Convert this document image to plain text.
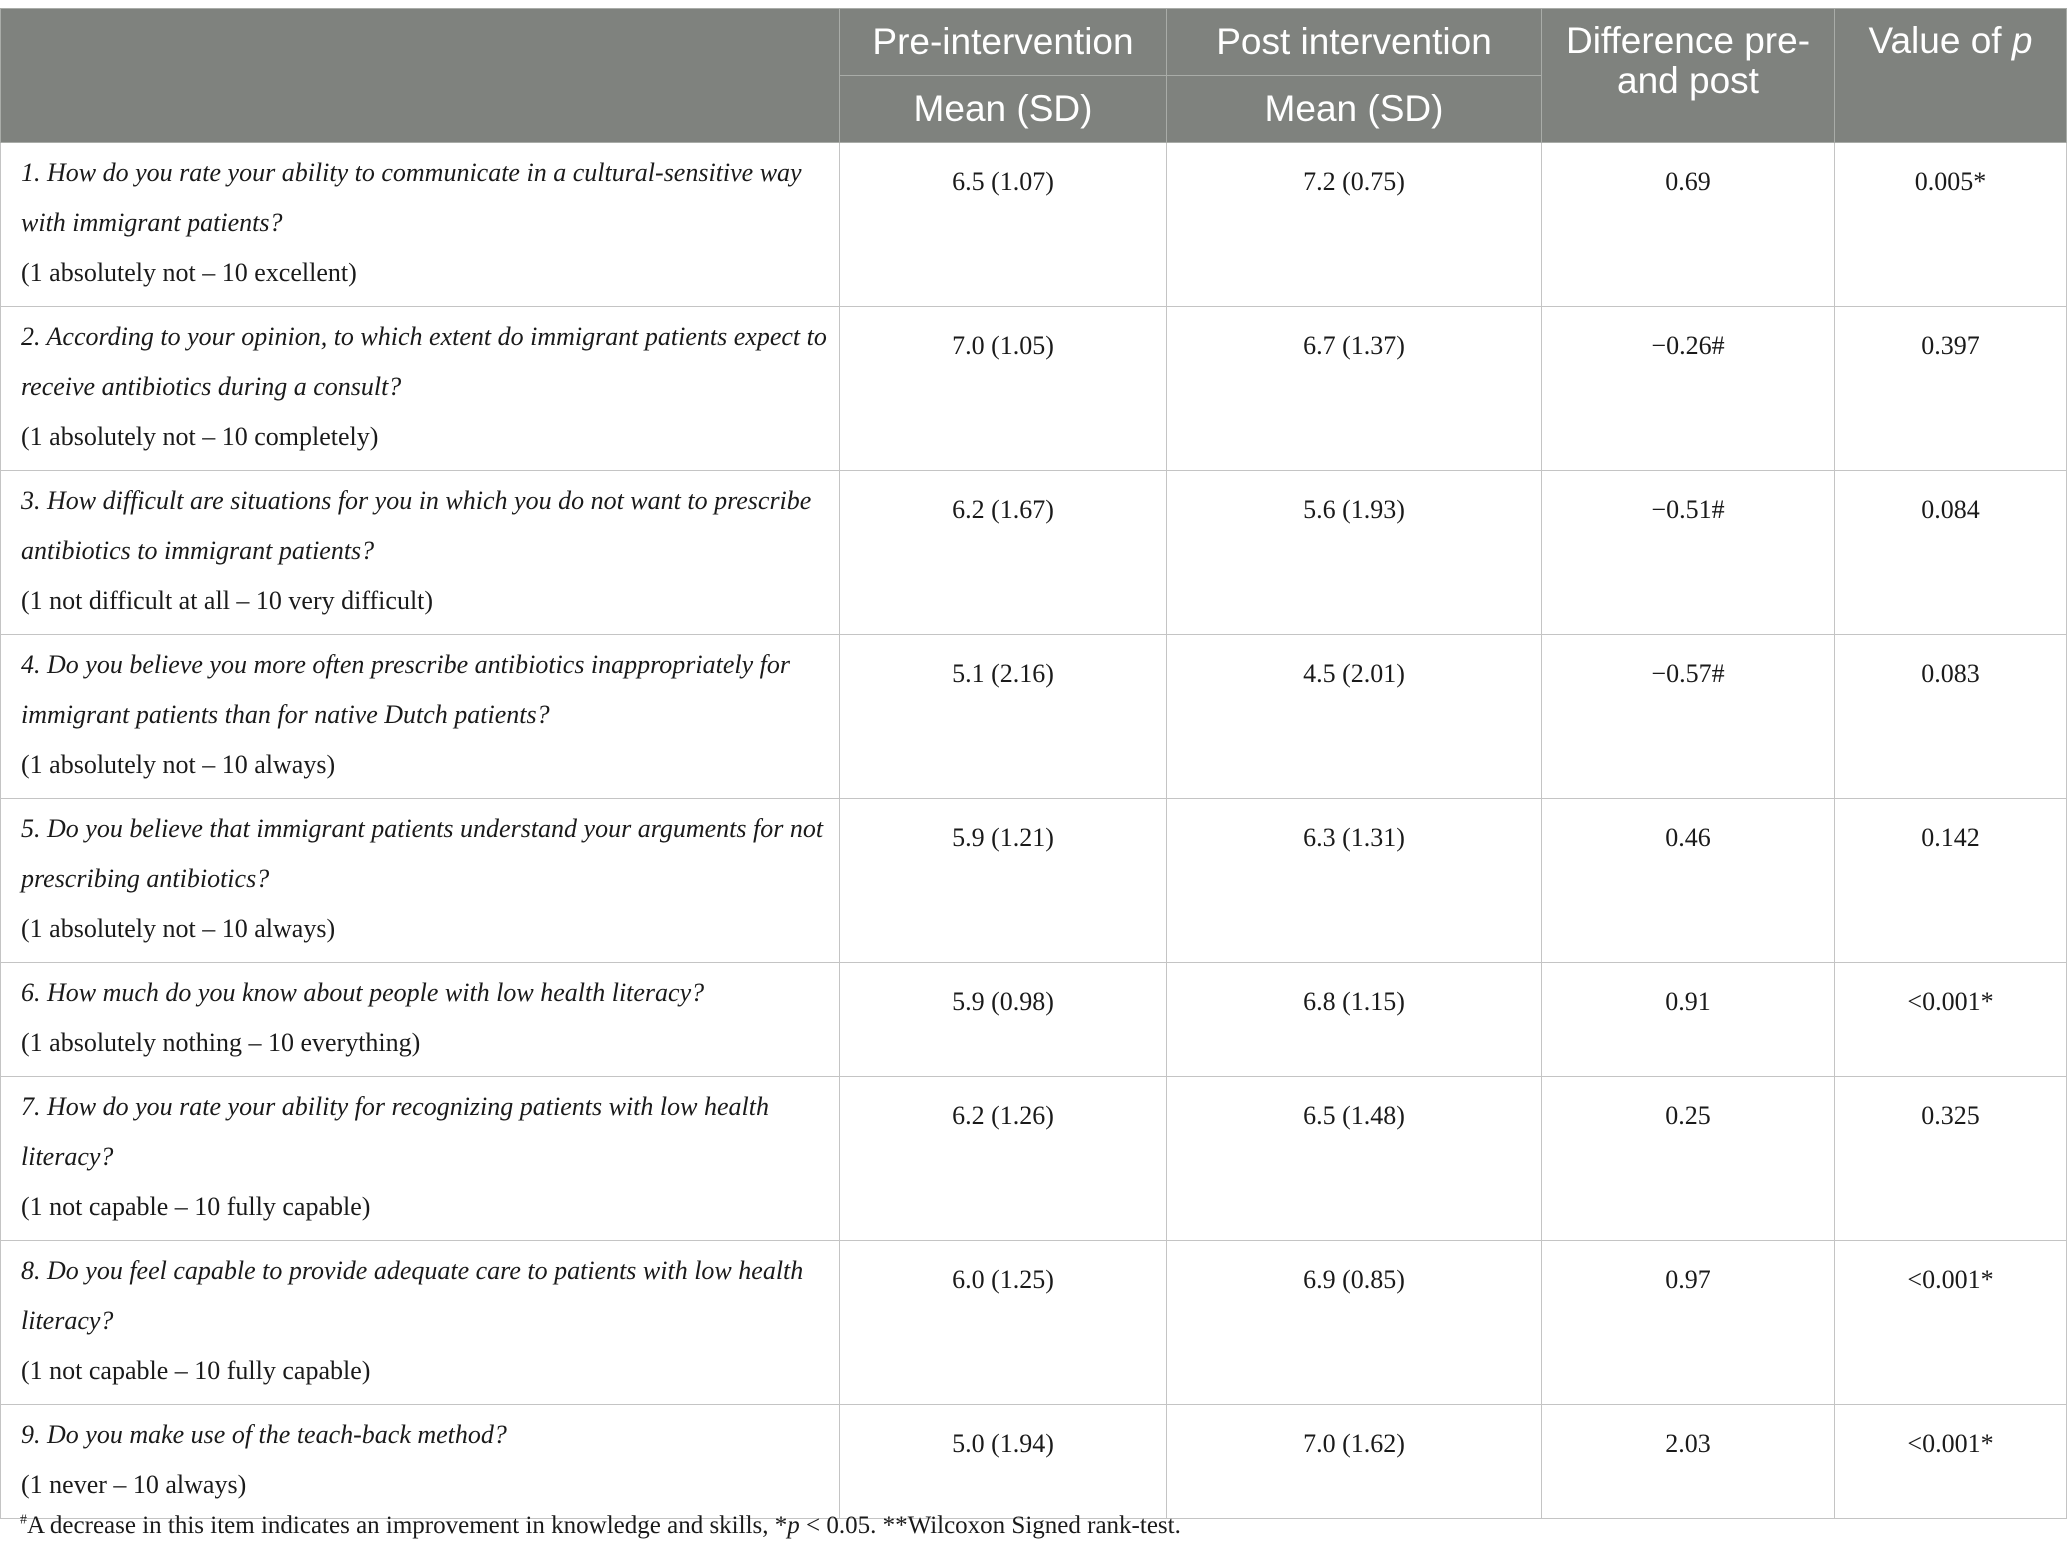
	Pre-intervention	Post intervention	Difference pre- and post	Value of p
	Mean (SD)	Mean (SD)		

1. How do you rate your ability to communicate in a cultural-sensitive way with immigrant patients?
(1 absolutely not – 10 excellent)	6.5 (1.07)	7.2 (0.75)	0.69	0.005*

2. According to your opinion, to which extent do immigrant patients expect to receive antibiotics during a consult?
(1 absolutely not – 10 completely)	7.0 (1.05)	6.7 (1.37)	−0.26#	0.397

3. How difficult are situations for you in which you do not want to prescribe antibiotics to immigrant patients?
(1 not difficult at all – 10 very difficult)	6.2 (1.67)	5.6 (1.93)	−0.51#	0.084

4. Do you believe you more often prescribe antibiotics inappropriately for immigrant patients than for native Dutch patients?
(1 absolutely not – 10 always)	5.1 (2.16)	4.5 (2.01)	−0.57#	0.083

5. Do you believe that immigrant patients understand your arguments for not prescribing antibiotics?
(1 absolutely not – 10 always)	5.9 (1.21)	6.3 (1.31)	0.46	0.142

6. How much do you know about people with low health literacy?
(1 absolutely nothing – 10 everything)	5.9 (0.98)	6.8 (1.15)	0.91	<0.001*

7. How do you rate your ability for recognizing patients with low health literacy?
(1 not capable – 10 fully capable)	6.2 (1.26)	6.5 (1.48)	0.25	0.325

8. Do you feel capable to provide adequate care to patients with low health literacy?
(1 not capable – 10 fully capable)	6.0 (1.25)	6.9 (0.85)	0.97	<0.001*

9. Do you make use of the teach-back method?
(1 never – 10 always)	5.0 (1.94)	7.0 (1.62)	2.03	<0.001*
#A decrease in this item indicates an improvement in knowledge and skills, *p < 0.05. **Wilcoxon Signed rank-test.
